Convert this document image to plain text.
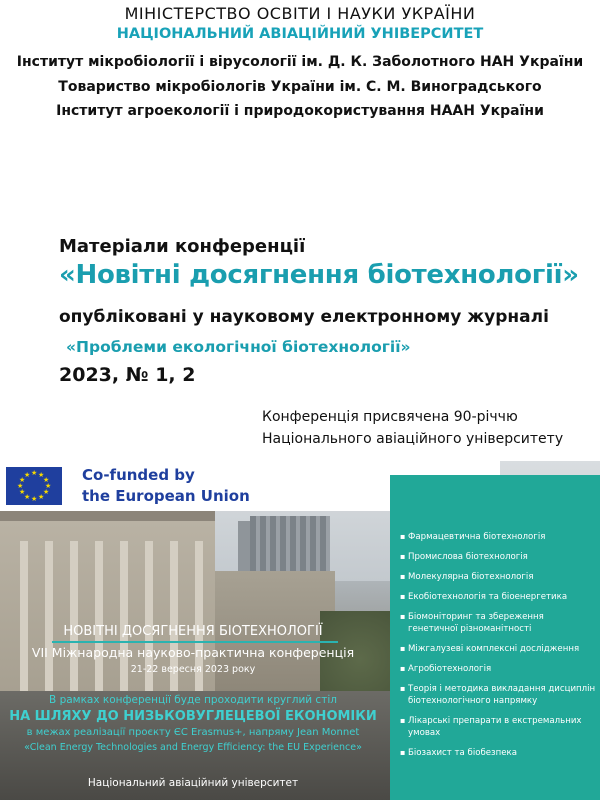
МІНІСТЕРСТВО ОСВІТИ І НАУКИ УКРАЇНИ
НАЦІОНАЛЬНИЙ АВІАЦІЙНИЙ УНІВЕРСИТЕТ
Інститут мікробіології і вірусології ім. Д. К. Заболотного НАН України
Товариство мікробіологів України ім. С. М. Виноградського
Інститут агроекології і природокористування НААН України
Матеріали конференції
«Новітні досягнення біотехнології»
опубліковані у науковому електронному журналі
«Проблеми екологічної біотехнології»
2023, № 1, 2
Конференція присвячена 90-річчю
Національного авіаційного університету
★ ★
★
★
★
★
★
★
★
★
★
★	Co-funded by
the European Union
▪ Фармацевтична біотехнологія
▪ Промислова біотехнологія
▪ Молекулярна біотехнологія
▪ Екобіотехнологія та біоенергетика
▪ Біомоніторинг та збереження генетичної різноманітності
▪ Міжгалузеві комплексні дослідження
▪ Агробіотехнологія
▪ Теорія і методика викладання дисциплін біотехнологічного напрямку
▪ Лікарські препарати в екстремальних умовах
▪ Біозахист та біобезпека
НОВІТНІ ДОСЯГНЕННЯ БІОТЕХНОЛОГІЇ
VII Міжнародна науково-практична конференція
21-22 вересня 2023 року
В рамках конференції буде проходити круглий стіл
НА ШЛЯХУ ДО НИЗЬКОВУГЛЕЦЕВОЇ ЕКОНОМІКИ
в межах реалізації проєкту ЄС Erasmus+, напряму Jean Monnet
«Clean Energy Technologies and Energy Efficiency: the EU Experience»
Національний авіаційний університет
